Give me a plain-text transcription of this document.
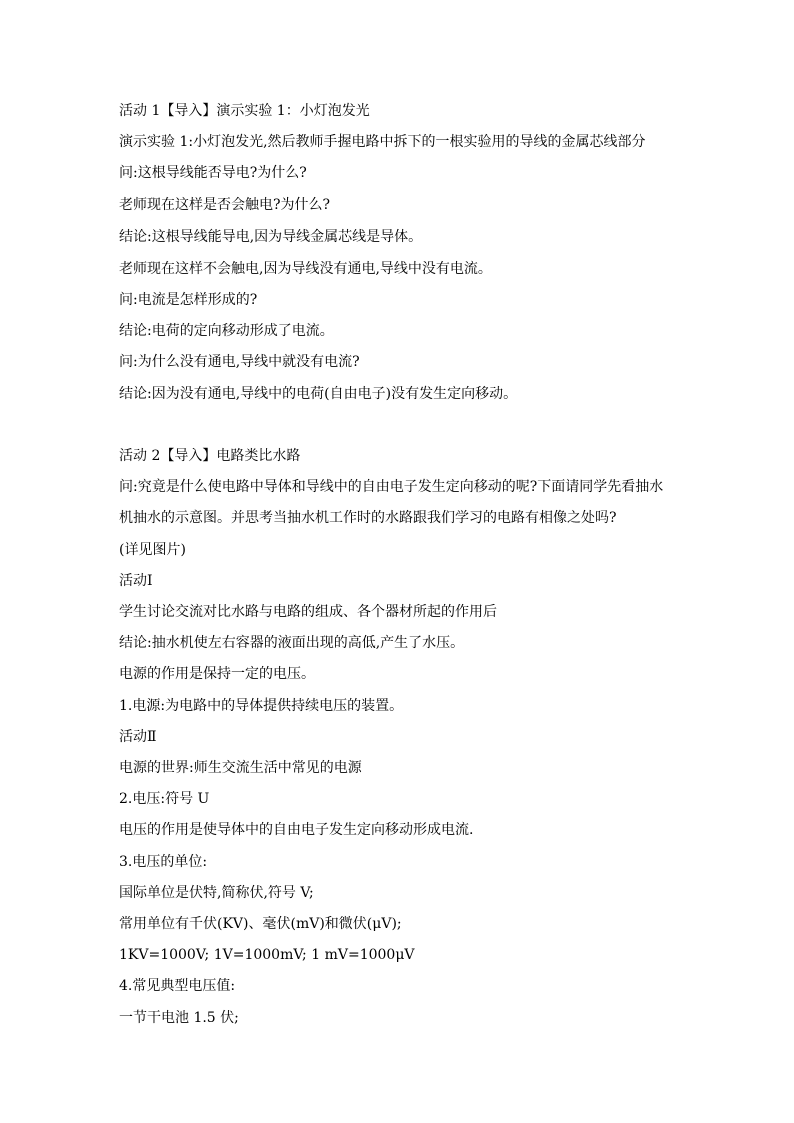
活动 1【导入】演示实验 1：小灯泡发光
演示实验 1:小灯泡发光,然后教师手握电路中拆下的一根实验用的导线的金属芯线部分
问:这根导线能否导电?为什么?
老师现在这样是否会触电?为什么?
结论:这根导线能导电,因为导线金属芯线是导体。
老师现在这样不会触电,因为导线没有通电,导线中没有电流。
问:电流是怎样形成的?
结论:电荷的定向移动形成了电流。
问:为什么没有通电,导线中就没有电流?
结论:因为没有通电,导线中的电荷(自由电子)没有发生定向移动。
活动 2【导入】电路类比水路
问:究竟是什么使电路中导体和导线中的自由电子发生定向移动的呢?下面请同学先看抽水
机抽水的示意图。并思考当抽水机工作时的水路跟我们学习的电路有相像之处吗?
(详见图片)
活动Ⅰ
学生讨论交流对比水路与电路的组成、各个器材所起的作用后
结论:抽水机使左右容器的液面出现的高低,产生了水压。
电源的作用是保持一定的电压。
1.电源:为电路中的导体提供持续电压的装置。
活动Ⅱ
电源的世界:师生交流生活中常见的电源
2.电压:符号 U
电压的作用是使导体中的自由电子发生定向移动形成电流.
3.电压的单位:
国际单位是伏特,简称伏,符号 V;
常用单位有千伏(KV)、毫伏(mV)和微伏(μV);
1KV=1000V; 1V=1000mV; 1 mV=1000μV
4.常见典型电压值:
一节干电池 1.5 伏;
